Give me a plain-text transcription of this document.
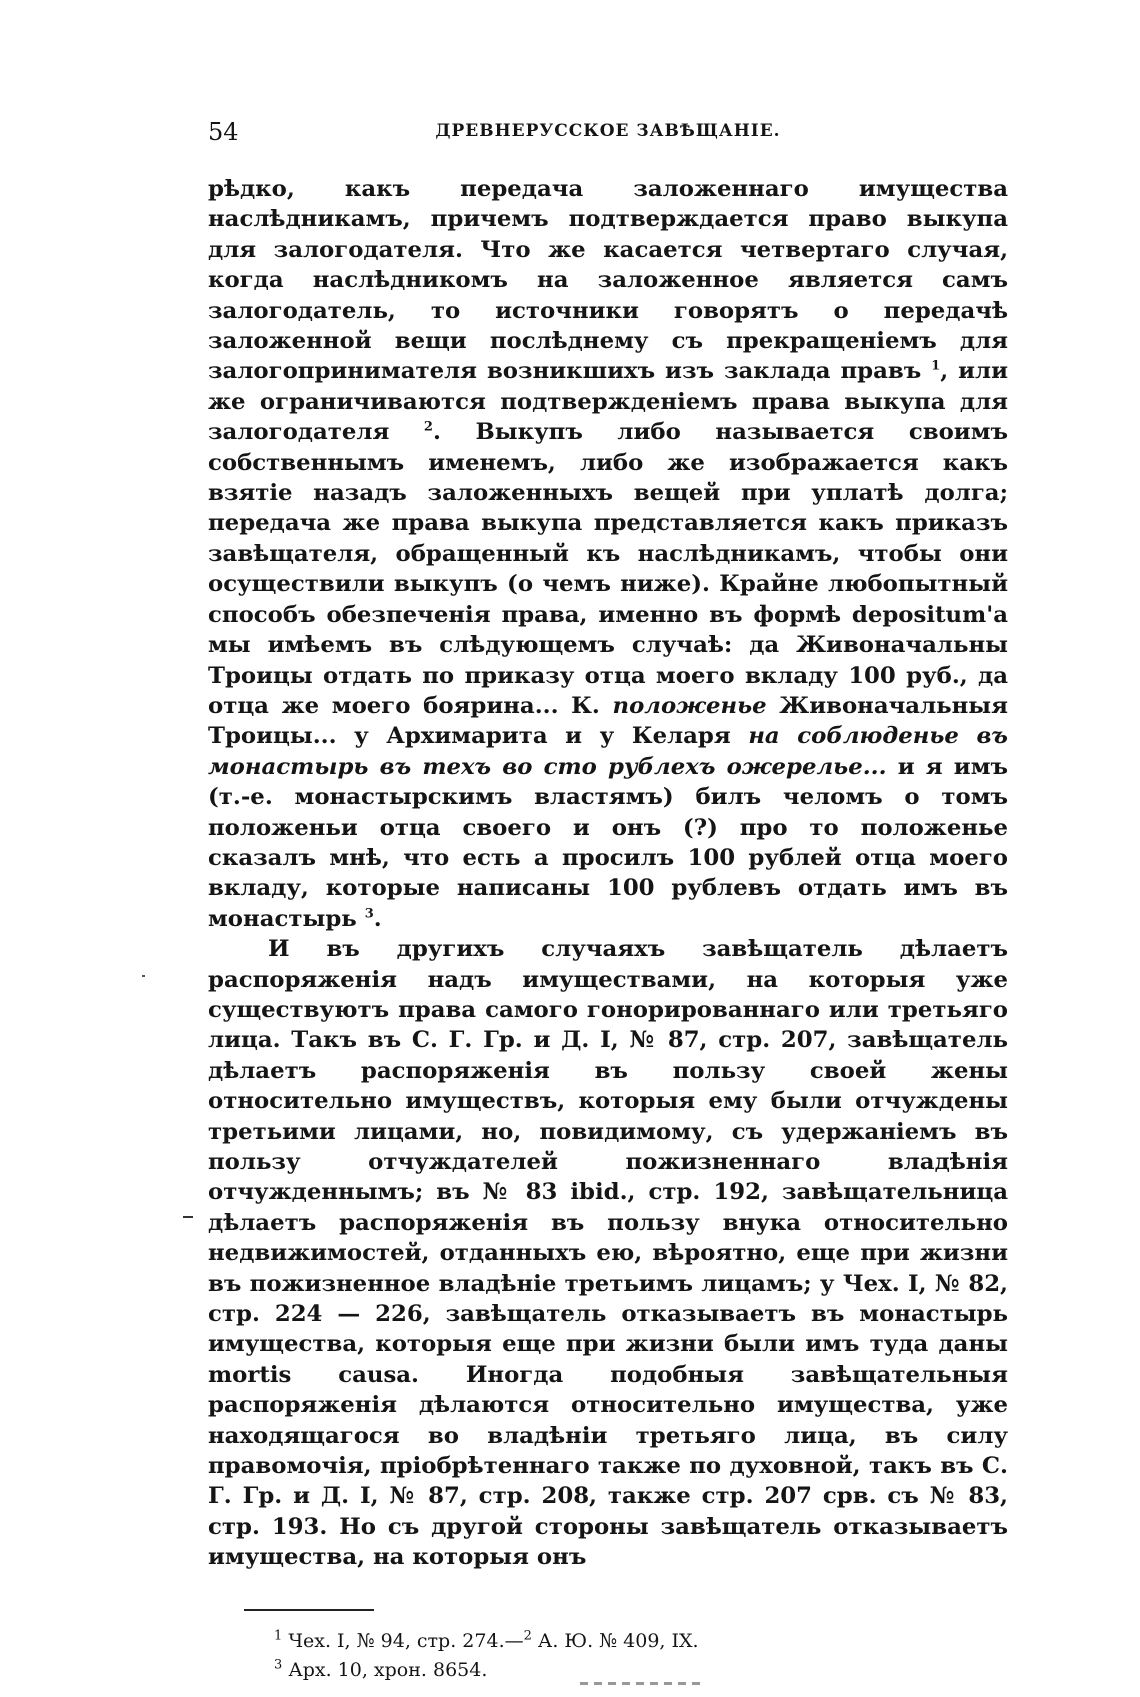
54	ДРЕВНЕРУССКОЕ ЗАВѢЩАНІЕ.

рѣдко, какъ передача заложеннаго имущества наслѣдникамъ, причемъ подтверждается право выкупа для залогодателя. Что же касается четвертаго случая, когда наслѣдникомъ на заложенное является самъ залогодатель, то источники говорятъ о передачѣ заложенной вещи послѣднему съ прекращеніемъ для залогопринимателя возникшихъ изъ заклада правъ $^1$, или же ограничиваются подтвержденіемъ права выкупа для залогодателя $^2$. Выкупъ либо называется своимъ собственнымъ именемъ, либо же изображается какъ взятіе назадъ заложенныхъ вещей при уплатѣ долга; передача же права выкупа представляется какъ приказъ завѣщателя, обращенный къ наслѣдникамъ, чтобы они осуществили выкупъ (о чемъ ниже). Крайне любопытный способъ обезпеченія права, именно въ формѣ depositum'а мы имѣемъ въ слѣдующемъ случаѣ: да Живоначальны Троицы отдать по приказу отца моего вкладу 100 руб., да отца же моего боярина... К. положенье Живоначальныя Троицы... у Архимарита и у Келаря на соблюденье въ монастырь въ техъ во сто рублехъ ожерелье... и я имъ (т.-е. монастырскимъ властямъ) билъ челомъ о томъ положеньи отца своего и онъ (?) про то положенье сказалъ мнѣ, что есть а просилъ 100 рублей отца моего вкладу, которые написаны 100 рублевъ отдать имъ въ монастырь $^3$.

И въ другихъ случаяхъ завѣщатель дѣлаетъ распоряженія надъ имуществами, на которыя уже существуютъ права самого гонорированнаго или третьяго лица. Такъ въ С. Г. Гр. и Д. I, № 87, стр. 207, завѣщатель дѣлаетъ распоряженія въ пользу своей жены относительно имуществъ, которыя ему были отчуждены третьими лицами, но, повидимому, съ удержаніемъ въ пользу отчуждателей пожизненнаго владѣнія отчужденнымъ; въ № 83 ibid., стр. 192, завѣщательница дѣлаетъ распоряженія въ пользу внука относительно недвижимостей, отданныхъ ею, вѣроятно, еще при жизни въ пожизненное владѣніе третьимъ лицамъ; у Чех. I, № 82, стр. 224 — 226, завѣщатель отказываетъ въ монастырь имущества, которыя еще при жизни были имъ туда даны mortis causa. Иногда подобныя завѣщательныя распоряженія дѣлаются относительно имущества, уже находящагося во владѣніи третьяго лица, въ силу правомочія, пріобрѣтеннаго также по духовной, такъ въ С. Г. Гр. и Д. I, № 87, стр. 208, также стр. 207 срв. съ № 83, стр. 193. Но съ другой стороны завѣщатель отказываетъ имущества, на которыя онъ

$^1$ Чех. I, № 94, стр. 274.—$^2$ А. Ю. № 409, IX.

$^3$ Арх. 10, хрон. 8654.
